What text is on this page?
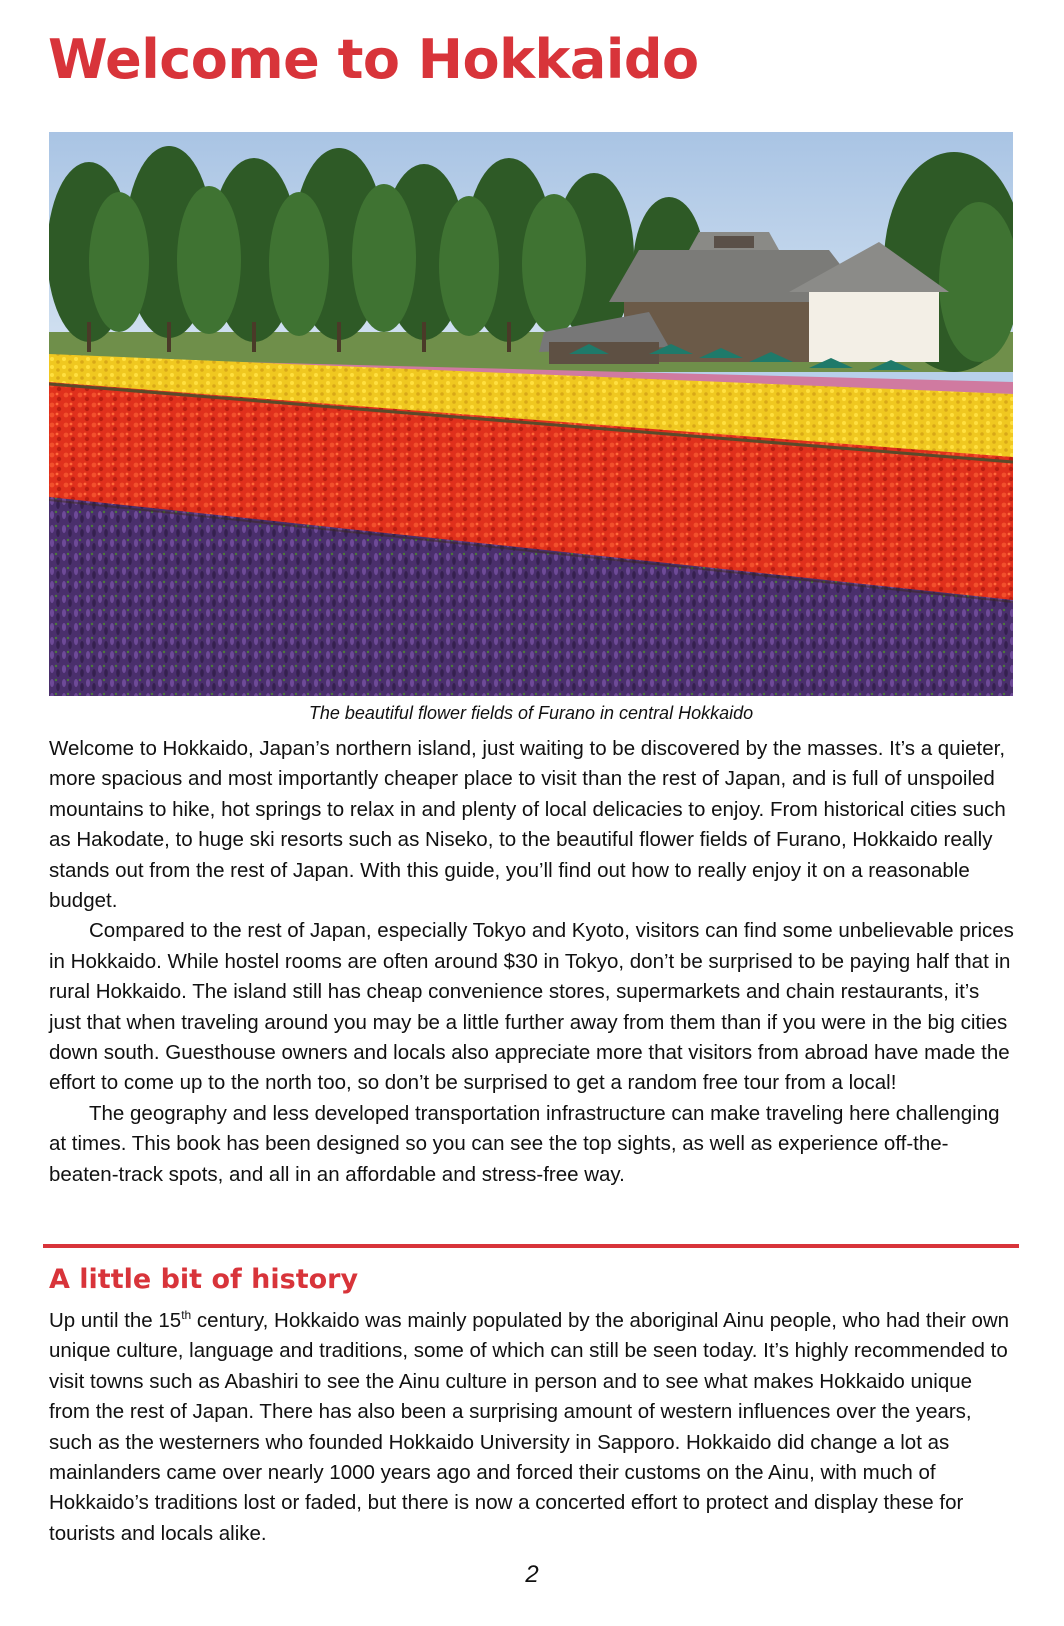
Welcome to Hokkaido
The beautiful flower fields of Furano in central Hokkaido

Welcome to Hokkaido, Japan’s northern island, just waiting to be discovered by the masses. It’s a quieter, more spacious and most importantly cheaper place to visit than the rest of Japan, and is full of unspoiled mountains to hike, hot springs to relax in and plenty of local delicacies to enjoy. From historical cities such as Hakodate, to huge ski resorts such as Niseko, to the beautiful flower fields of Furano, Hokkaido really stands out from the rest of Japan. With this guide, you’ll find out how to really enjoy it on a reasonable budget.

Compared to the rest of Japan, especially Tokyo and Kyoto, visitors can find some unbelievable prices in Hokkaido. While hostel rooms are often around $30 in Tokyo, don’t be surprised to be paying half that in rural Hokkaido. The island still has cheap convenience stores, supermarkets and chain restaurants, it’s just that when traveling around you may be a little further away from them than if you were in the big cities down south. Guesthouse owners and locals also appreciate more that visitors from abroad have made the effort to come up to the north too, so don’t be surprised to get a random free tour from a local!

The geography and less developed transportation infrastructure can make traveling here challenging at times. This book has been designed so you can see the top sights, as well as experience off-the-beaten-track spots, and all in an affordable and stress-free way.

A little bit of history

Up until the 15th century, Hokkaido was mainly populated by the aboriginal Ainu people, who had their own unique culture, language and traditions, some of which can still be seen today. It’s highly recommended to visit towns such as Abashiri to see the Ainu culture in person and to see what makes Hokkaido unique from the rest of Japan. There has also been a surprising amount of western influences over the years, such as the westerners who founded Hokkaido University in Sapporo. Hokkaido did change a lot as mainlanders came over nearly 1000 years ago and forced their customs on the Ainu, with much of Hokkaido’s traditions lost or faded, but there is now a concerted effort to protect and display these for tourists and locals alike.

2
